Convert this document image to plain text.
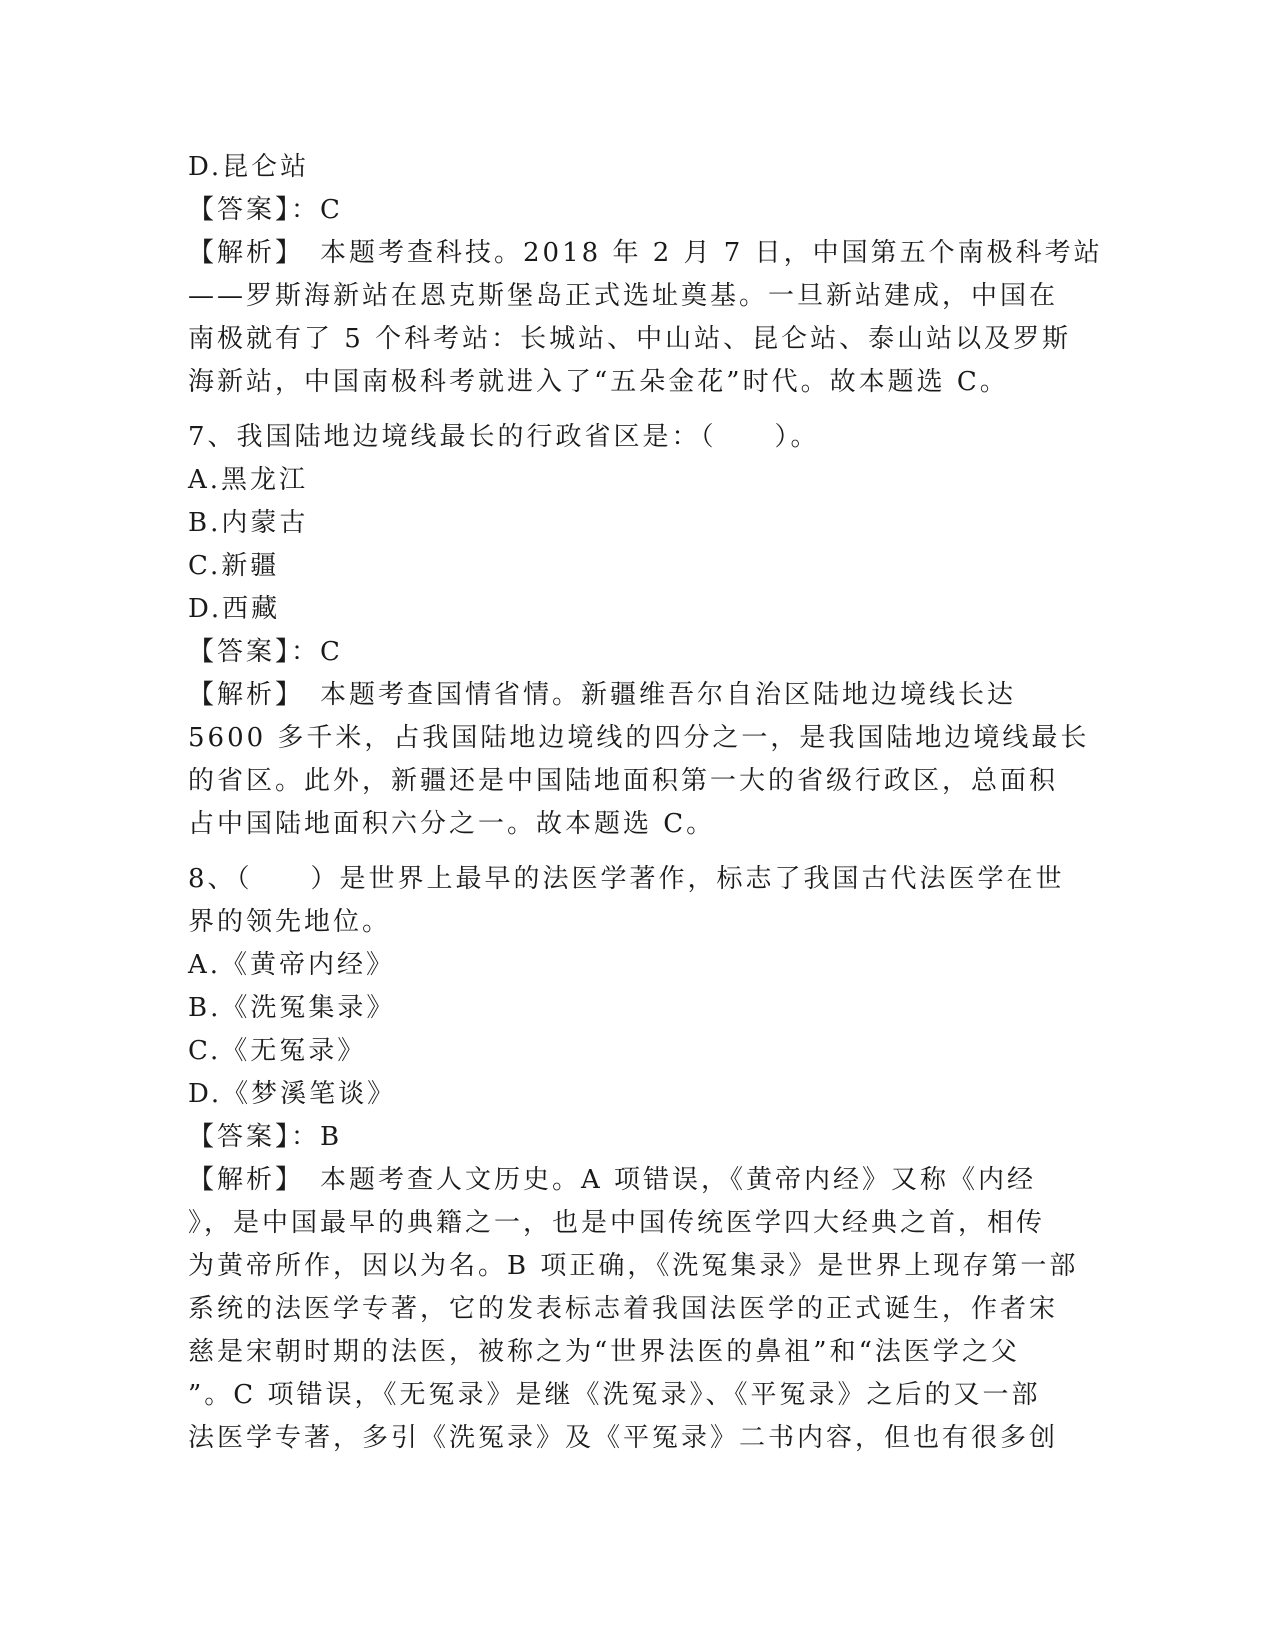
D.昆仑站
【答案】：C
【解析】　本题考查科技。2018 年 2 月 7 日，中国第五个南极科考站
——罗斯海新站在恩克斯堡岛正式选址奠基。一旦新站建成，中国在
南极就有了 5 个科考站：长城站、中山站、昆仑站、泰山站以及罗斯
海新站，中国南极科考就进入了“五朵金花”时代。故本题选 C。
7、我国陆地边境线最长的行政省区是：（　　）。
A.黑龙江
B.内蒙古
C.新疆
D.西藏
【答案】：C
【解析】　本题考查国情省情。新疆维吾尔自治区陆地边境线长达
5600 多千米，占我国陆地边境线的四分之一，是我国陆地边境线最长
的省区。此外，新疆还是中国陆地面积第一大的省级行政区，总面积
占中国陆地面积六分之一。故本题选 C。
8、（　　）是世界上最早的法医学著作，标志了我国古代法医学在世
界的领先地位。
A.《黄帝内经》
B.《洗冤集录》
C.《无冤录》
D.《梦溪笔谈》
【答案】：B
【解析】　本题考查人文历史。A 项错误，《黄帝内经》又称《内经
》，是中国最早的典籍之一，也是中国传统医学四大经典之首，相传
为黄帝所作，因以为名。B 项正确，《洗冤集录》是世界上现存第一部
系统的法医学专著，它的发表标志着我国法医学的正式诞生，作者宋
慈是宋朝时期的法医，被称之为“世界法医的鼻祖”和“法医学之父
”。C 项错误，《无冤录》是继《洗冤录》、《平冤录》之后的又一部
法医学专著，多引《洗冤录》及《平冤录》二书内容，但也有很多创
